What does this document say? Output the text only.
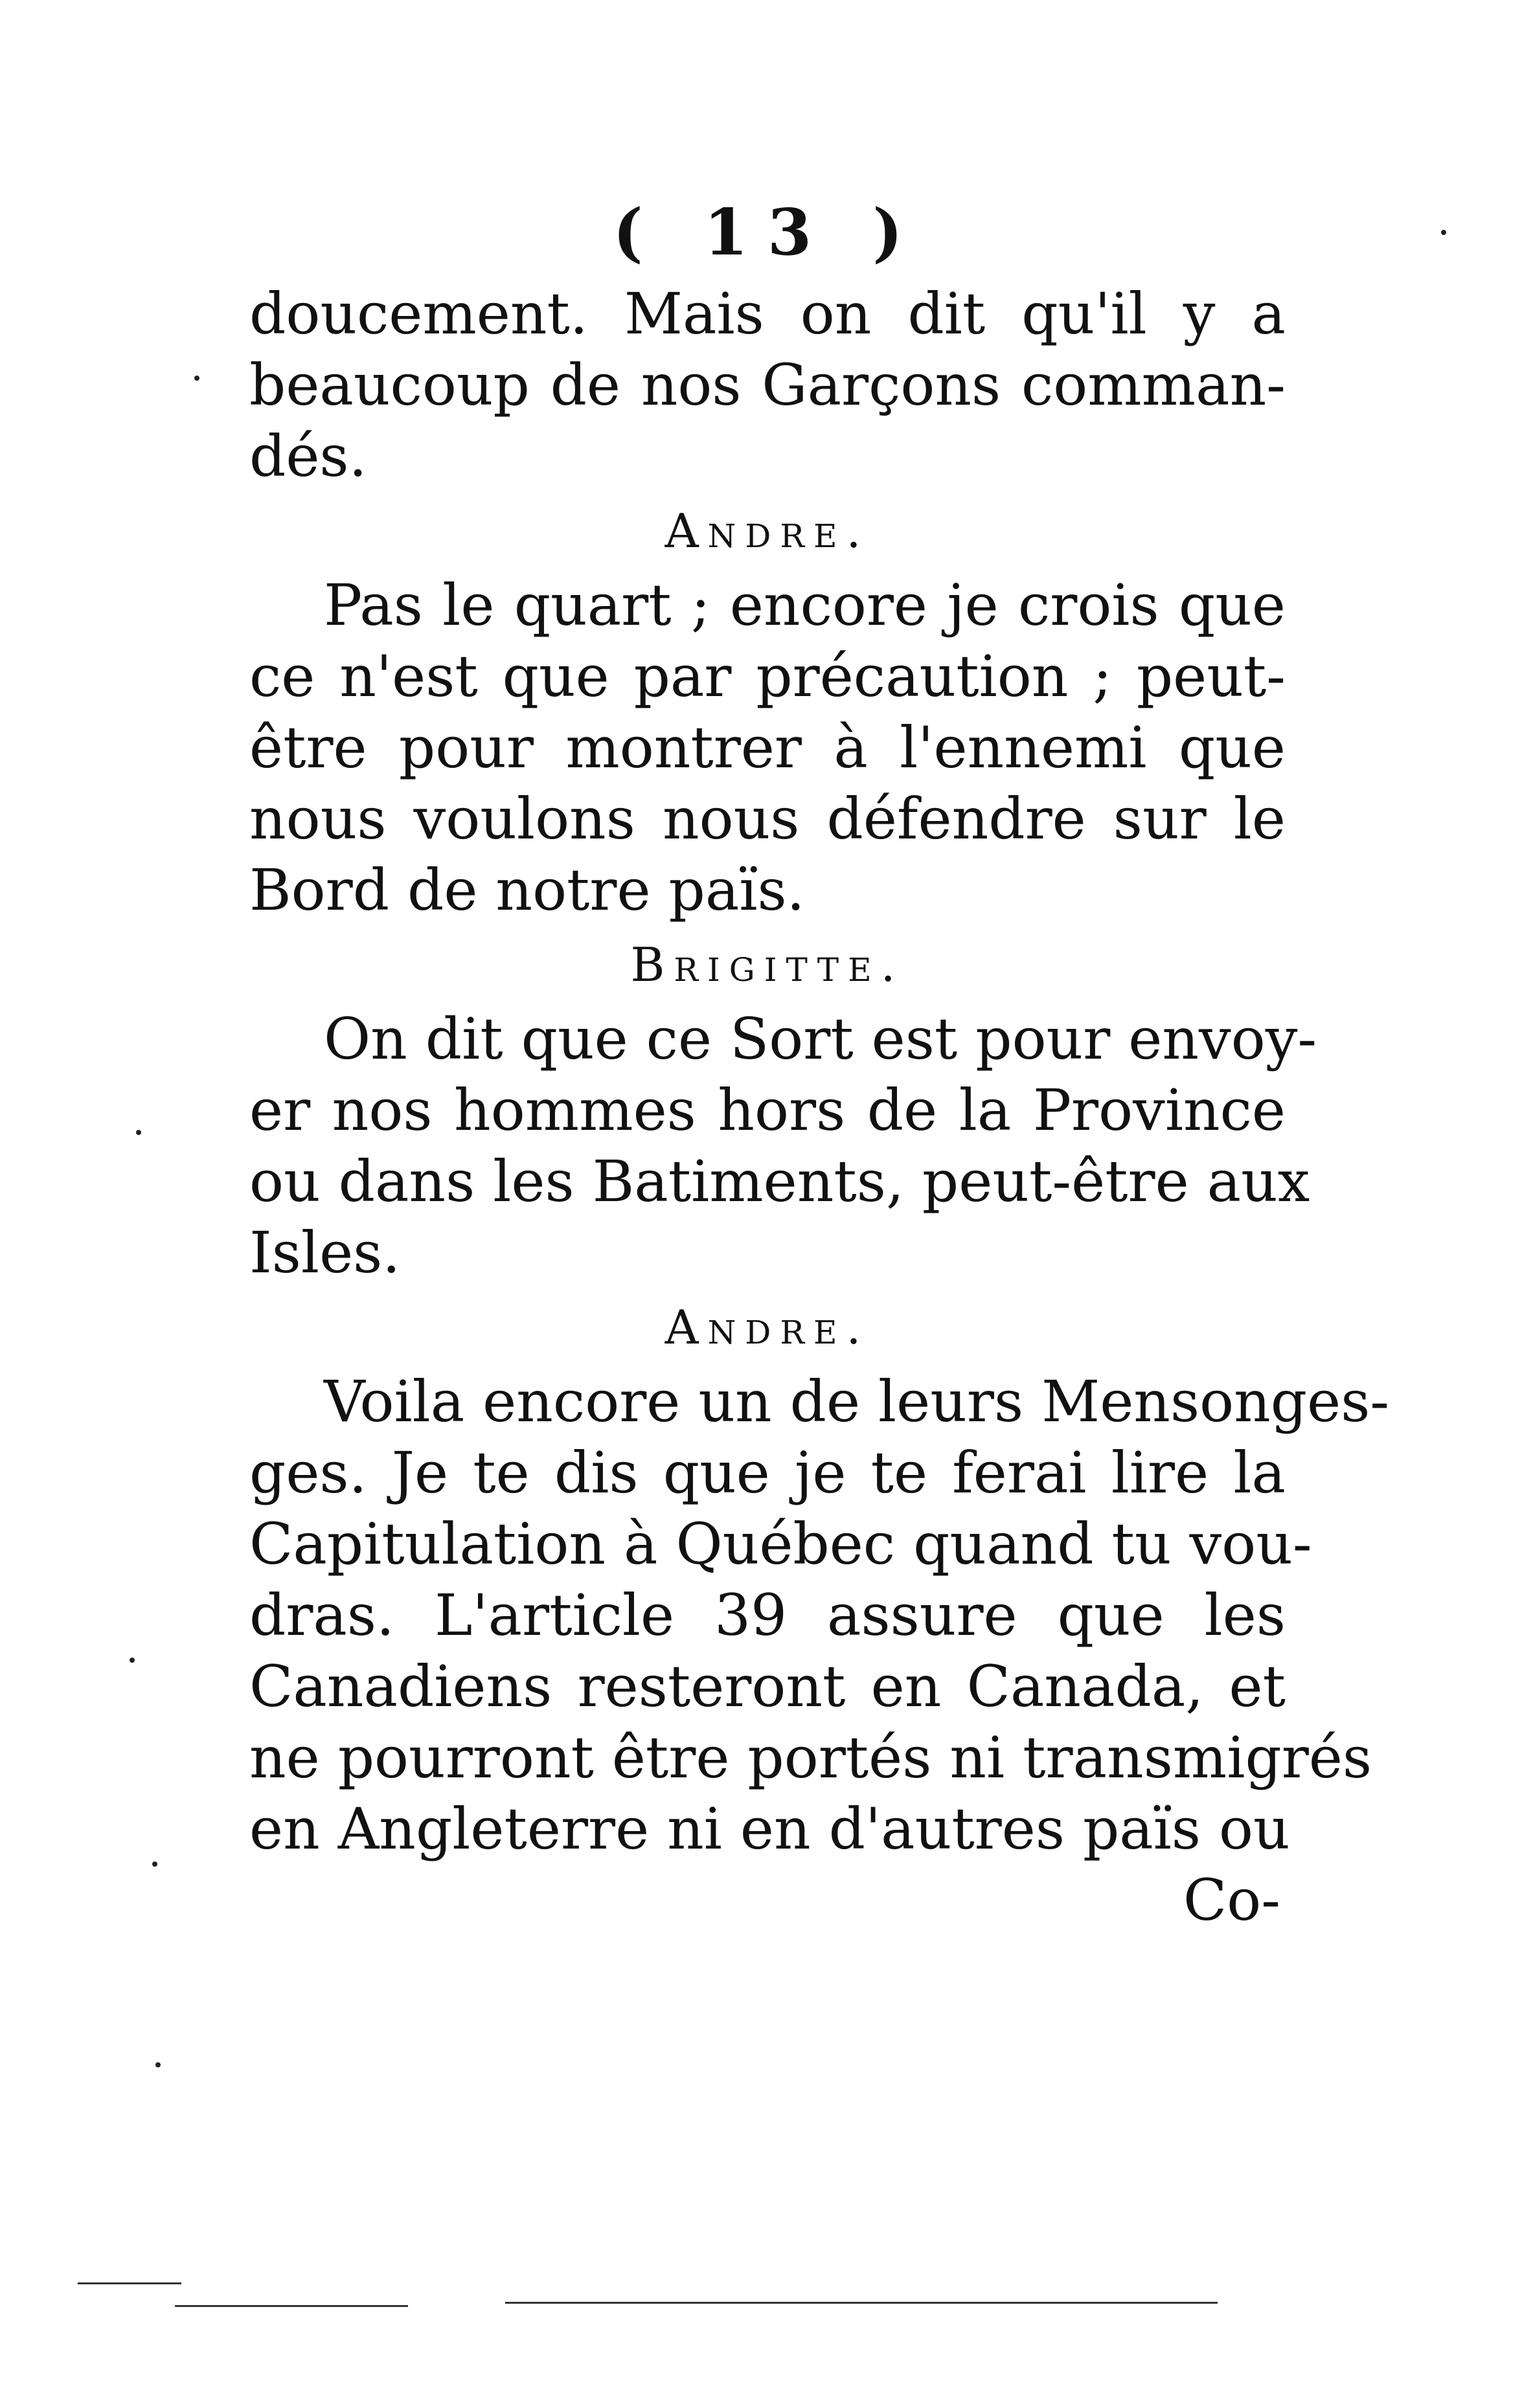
( 13 )
doucement. Mais on dit qu'il y a
beaucoup de nos Garçons comman-
dés.
Andre.
Pas le quart ; encore je crois que
ce n'est que par précaution ; peut-
être pour montrer à l'ennemi que
nous voulons nous défendre sur le
Bord de notre païs.
Brigitte.
On dit que ce Sort est pour envoy-
er nos hommes hors de la Province
ou dans les Batiments, peut-être aux
Isles.
Andre.
Voila encore un de leurs Mensonges-
ges. Je te dis que je te ferai lire la
Capitulation à Québec quand tu vou-
dras. L'article 39 assure que les
Canadiens resteront en Canada, et
ne pourront être portés ni transmigrés
en Angleterre ni en d'autres païs ou
Co-
